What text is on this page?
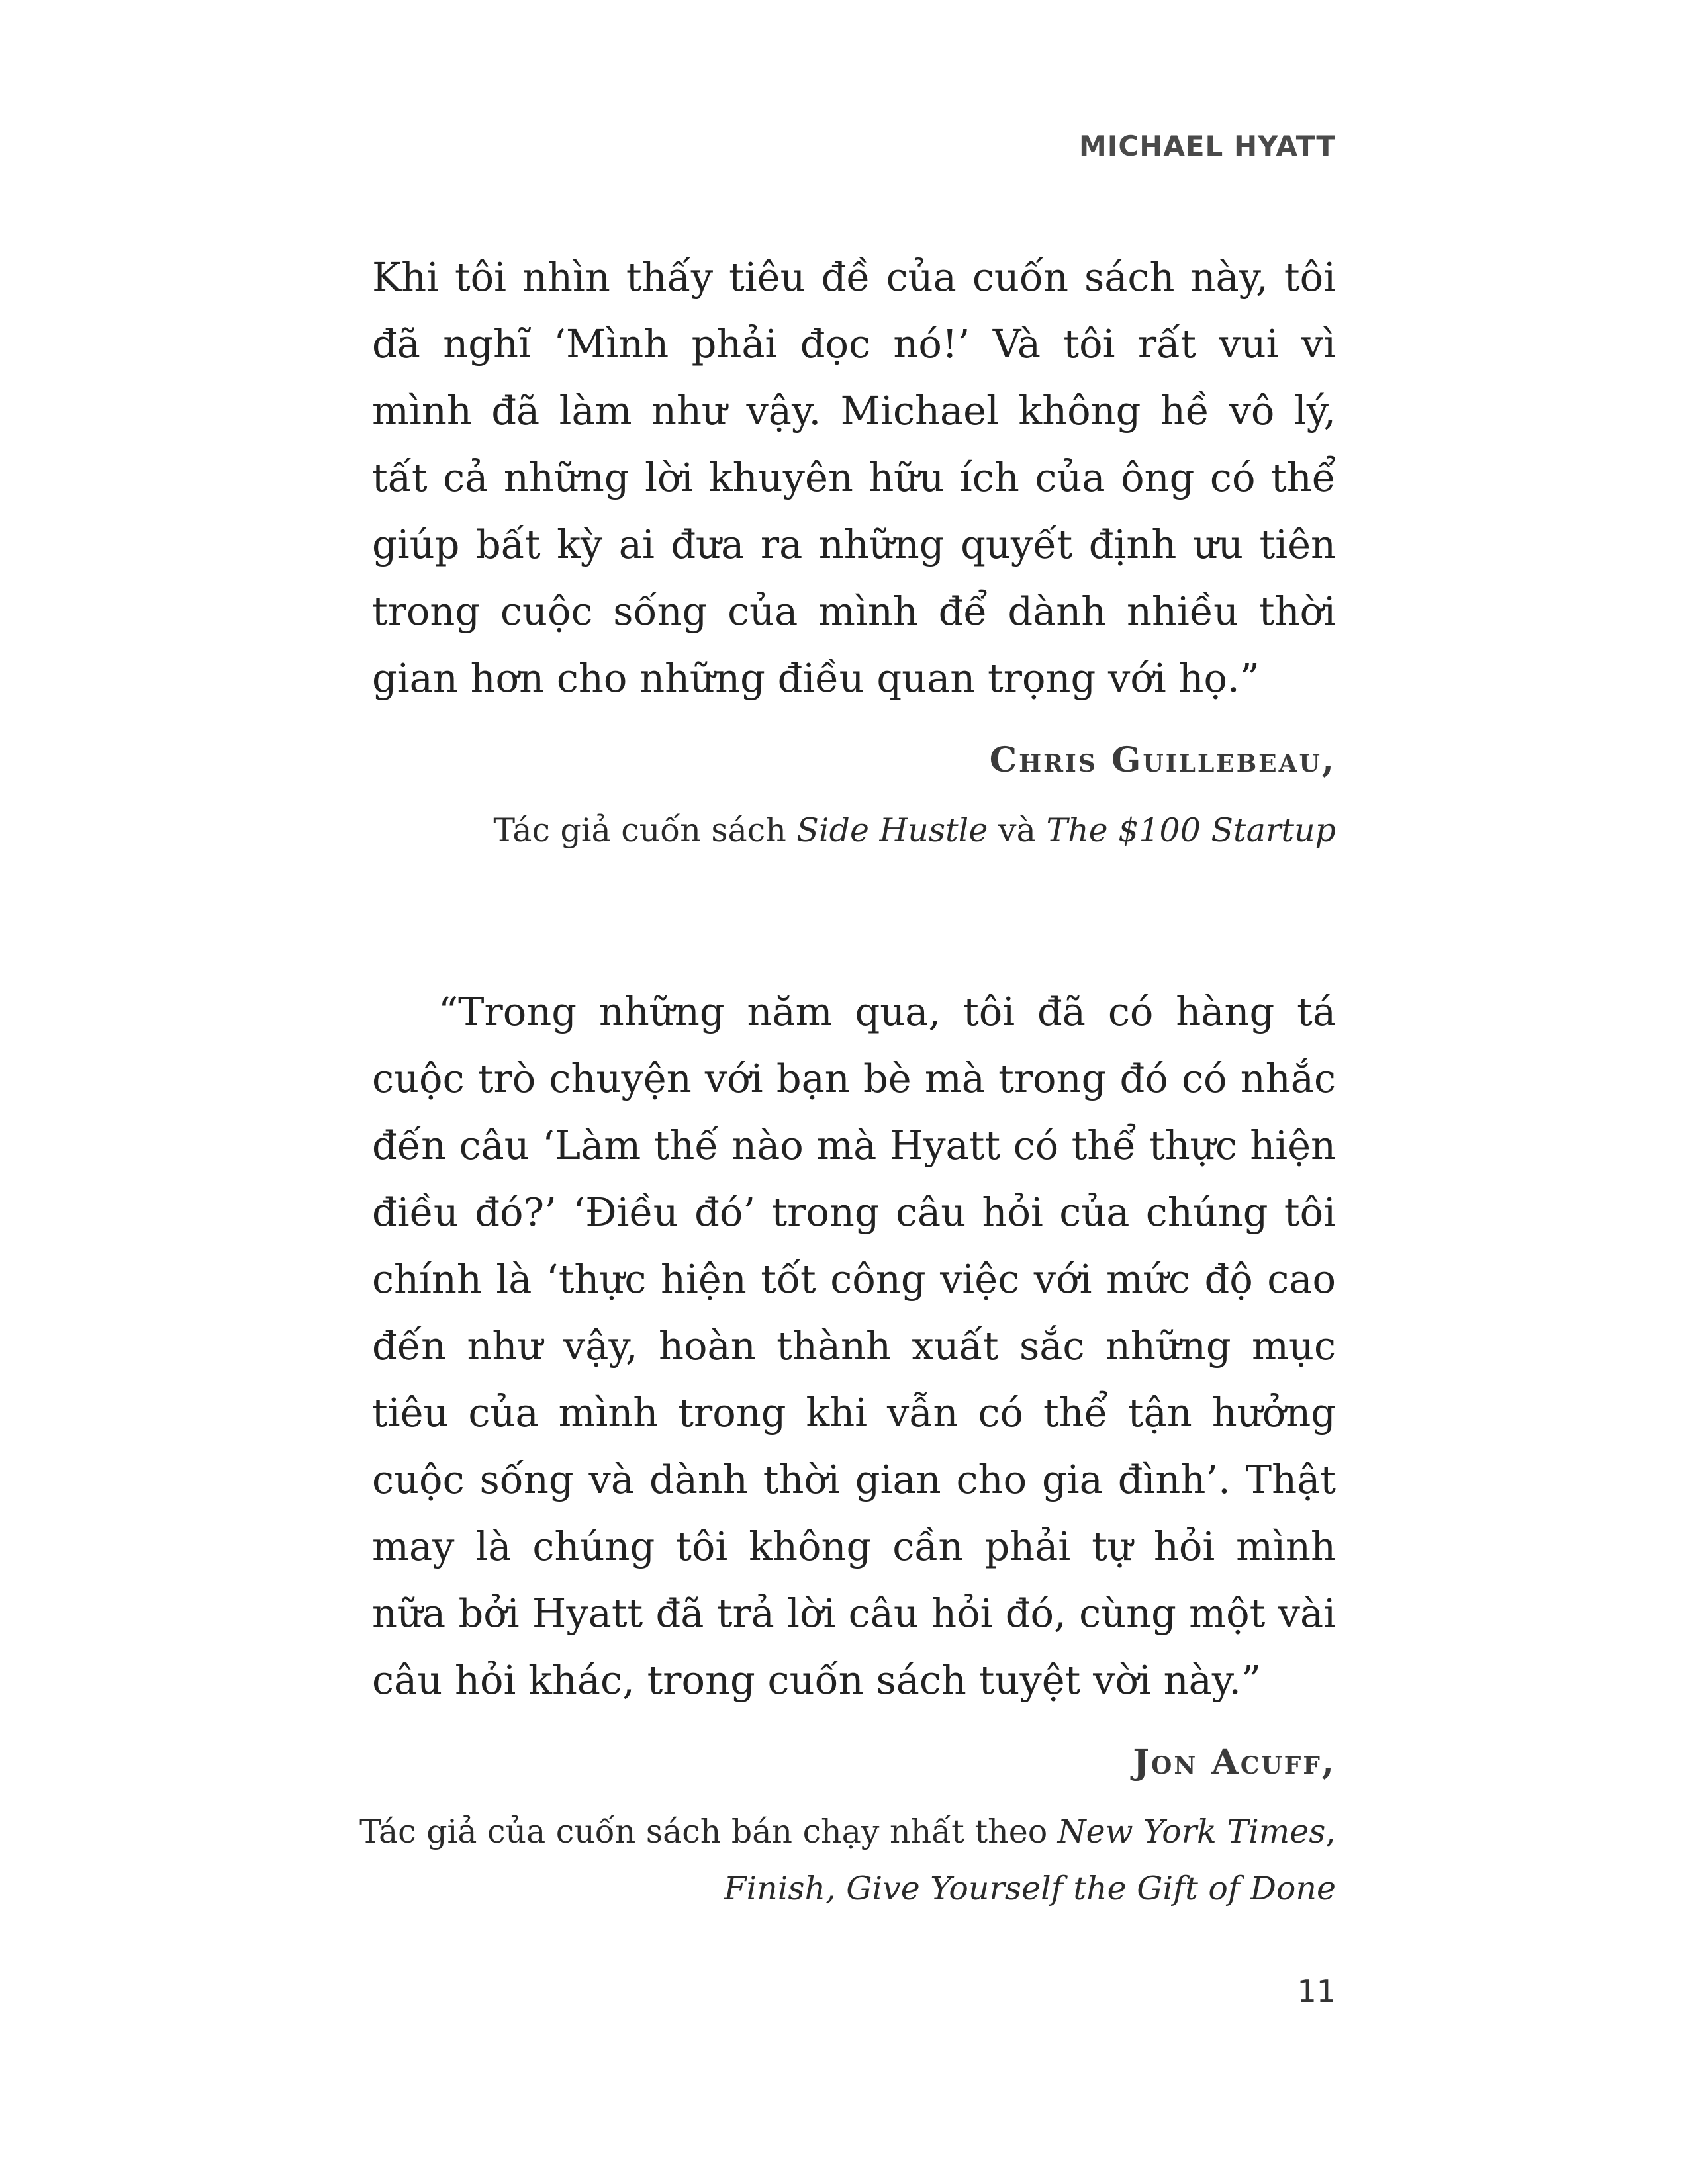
MICHAEL HYATT

Khi tôi nhìn thấy tiêu đề của cuốn sách này, tôi đã nghĩ ‘Mình phải đọc nó!’ Và tôi rất vui vì mình đã làm như vậy. Michael không hề vô lý, tất cả những lời khuyên hữu ích của ông có thể giúp bất kỳ ai đưa ra những quyết định ưu tiên trong cuộc sống của mình để dành nhiều thời gian hơn cho những điều quan trọng với họ.”

Chris Guillebeau,
Tác giả cuốn sách Side Hustle và The $100 Startup

“Trong những năm qua, tôi đã có hàng tá cuộc trò chuyện với bạn bè mà trong đó có nhắc đến câu ‘Làm thế nào mà Hyatt có thể thực hiện điều đó?’ ‘Điều đó’ trong câu hỏi của chúng tôi chính là ‘thực hiện tốt công việc với mức độ cao đến như vậy, hoàn thành xuất sắc những mục tiêu của mình trong khi vẫn có thể tận hưởng cuộc sống và dành thời gian cho gia đình’. Thật may là chúng tôi không cần phải tự hỏi mình nữa bởi Hyatt đã trả lời câu hỏi đó, cùng một vài câu hỏi khác, trong cuốn sách tuyệt vời này.”

Jon Acuff,
Tác giả của cuốn sách bán chạy nhất theo New York Times,
Finish, Give Yourself the Gift of Done
11
